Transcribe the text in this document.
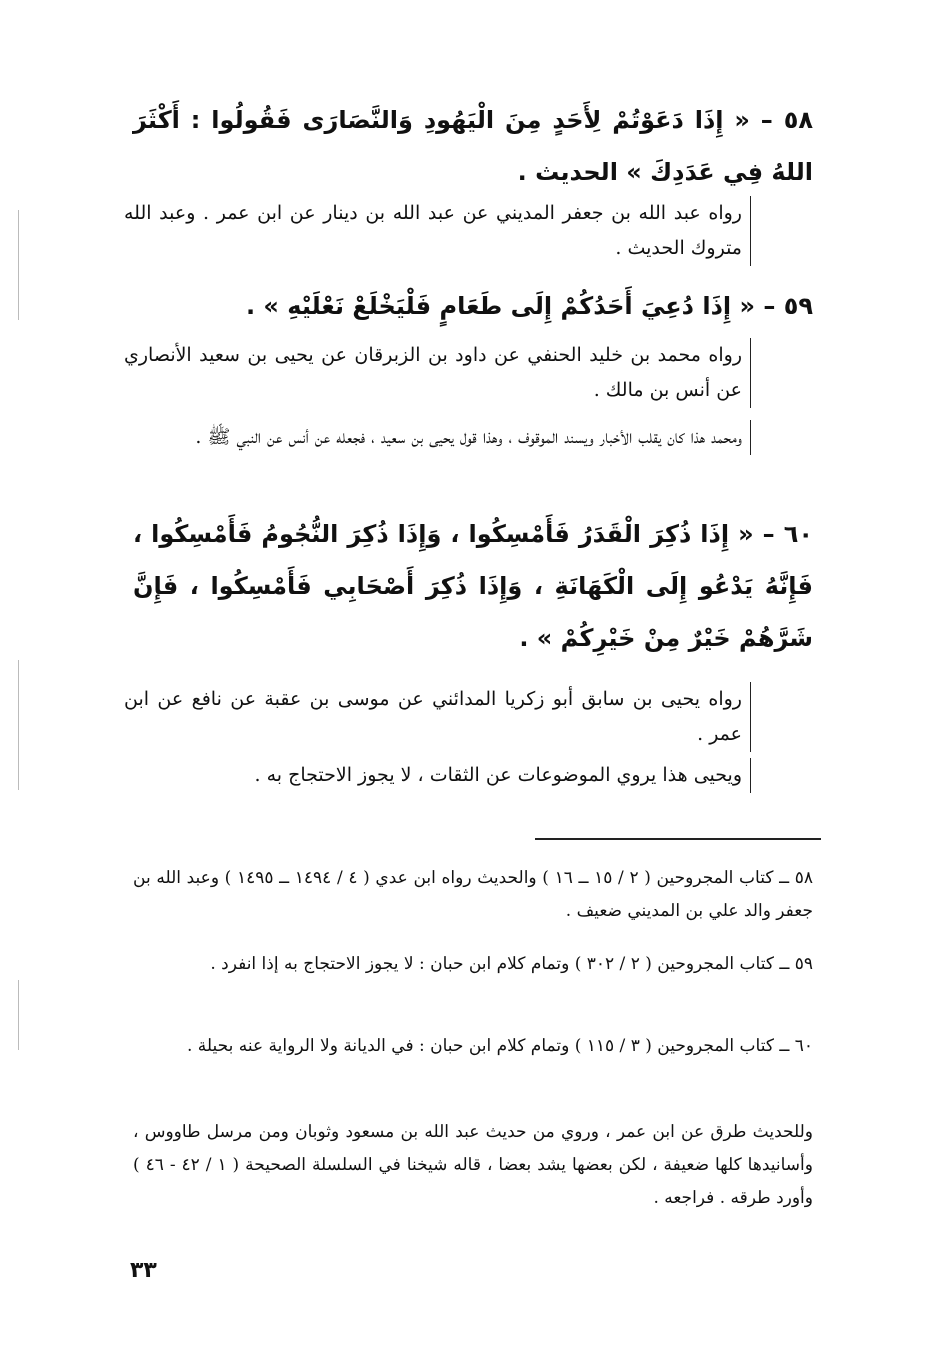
٥٨ – « إِذَا دَعَوْتُمْ لِأَحَدٍ مِنَ الْيَهُودِ وَالنَّصَارَى فَقُولُوا : أَكْثَرَ اللهُ فِي عَدَدِكَ » الحديث .

رواه عبد الله بن جعفر المديني عن عبد الله بن دينار عن ابن عمر . وعبد الله متروك الحديث .

٥٩ – « إِذَا دُعِيَ أَحَدُكُمْ إِلَى طَعَامٍ فَلْيَخْلَعْ نَعْلَيْهِ » .

رواه محمد بن خليد الحنفي عن داود بن الزبرقان عن يحيى بن سعيد الأنصاري عن أنس بن مالك .

ومحمد هذا كان يقلب الأخبار ويسند الموقوف ، وهذا قول يحيى بن سعيد ، فجعله عن أنس عن النبي ﷺ .

٦٠ – « إِذَا ذُكِرَ الْقَدَرُ فَأَمْسِكُوا ، وَإِذَا ذُكِرَ النُّجُومُ فَأَمْسِكُوا ، فَإِنَّهُ يَدْعُو إِلَى الْكَهَانَةِ ، وَإِذَا ذُكِرَ أَصْحَابِي فَأَمْسِكُوا ، فَإِنَّ شَرَّهُمْ خَيْرٌ مِنْ خَيْرِكُمْ » .

رواه يحيى بن سابق أبو زكريا المدائني عن موسى بن عقبة عن نافع عن ابن عمر .

ويحيى هذا يروي الموضوعات عن الثقات ، لا يجوز الاحتجاج به .

٥٨ ــ كتاب المجروحين ( ٢ / ١٥ ــ ١٦ ) والحديث رواه ابن عدي ( ٤ / ١٤٩٤ ــ ١٤٩٥ ) وعبد الله بن جعفر والد علي بن المديني ضعيف .

٥٩ ــ كتاب المجروحين ( ٢ / ٣٠٢ ) وتمام كلام ابن حبان : لا يجوز الاحتجاج به إذا انفرد .

٦٠ ــ كتاب المجروحين ( ٣ / ١١٥ ) وتمام كلام ابن حبان : في الديانة ولا الرواية عنه بحيلة .

وللحديث طرق عن ابن عمر ، وروي من حديث عبد الله بن مسعود وثوبان ومن مرسل طاووس ، وأسانيدها كلها ضعيفة ، لكن بعضها يشد بعضا ، قاله شيخنا في السلسلة الصحيحة ( ١ / ٤٢ - ٤٦ ) وأورد طرقه . فراجعه .

٣٣
